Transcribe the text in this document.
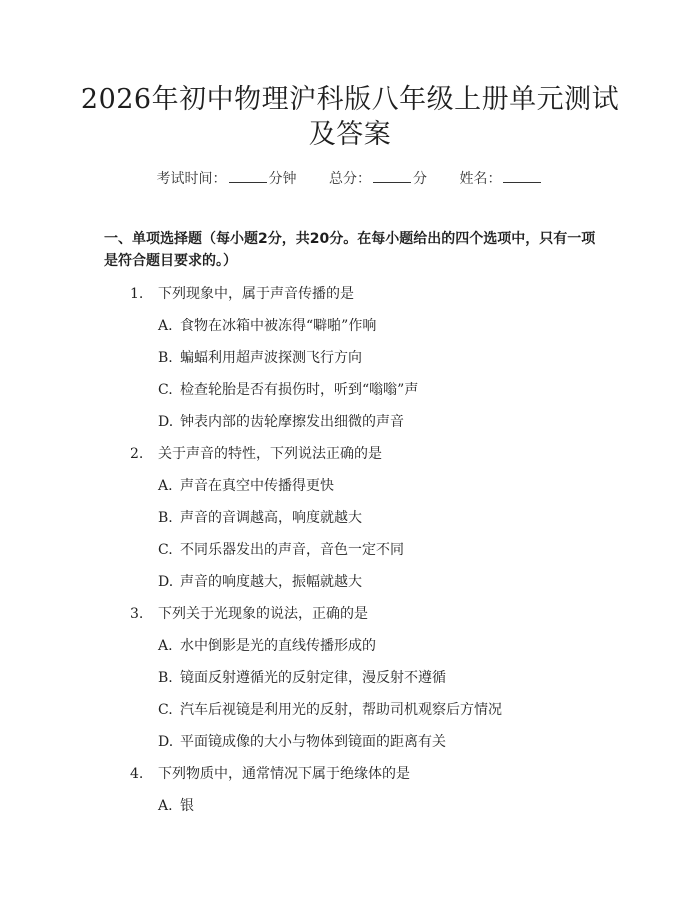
2026年初中物理沪科版八年级上册单元测试
及答案
考试时间：	分钟 总分：	分 姓名：
一、单项选择题（每小题2分，共20分。在每小题给出的四个选项中，只有一项
是符合题目要求的。）
1. 下列现象中，属于声音传播的是
A. 食物在冰箱中被冻得“噼啪”作响
B. 蝙蝠利用超声波探测飞行方向
C. 检查轮胎是否有损伤时，听到“嗡嗡”声
D. 钟表内部的齿轮摩擦发出细微的声音
2. 关于声音的特性，下列说法正确的是
A. 声音在真空中传播得更快
B. 声音的音调越高，响度就越大
C. 不同乐器发出的声音，音色一定不同
D. 声音的响度越大，振幅就越大
3. 下列关于光现象的说法，正确的是
A. 水中倒影是光的直线传播形成的
B. 镜面反射遵循光的反射定律，漫反射不遵循
C. 汽车后视镜是利用光的反射，帮助司机观察后方情况
D. 平面镜成像的大小与物体到镜面的距离有关
4. 下列物质中，通常情况下属于绝缘体的是
A. 银
